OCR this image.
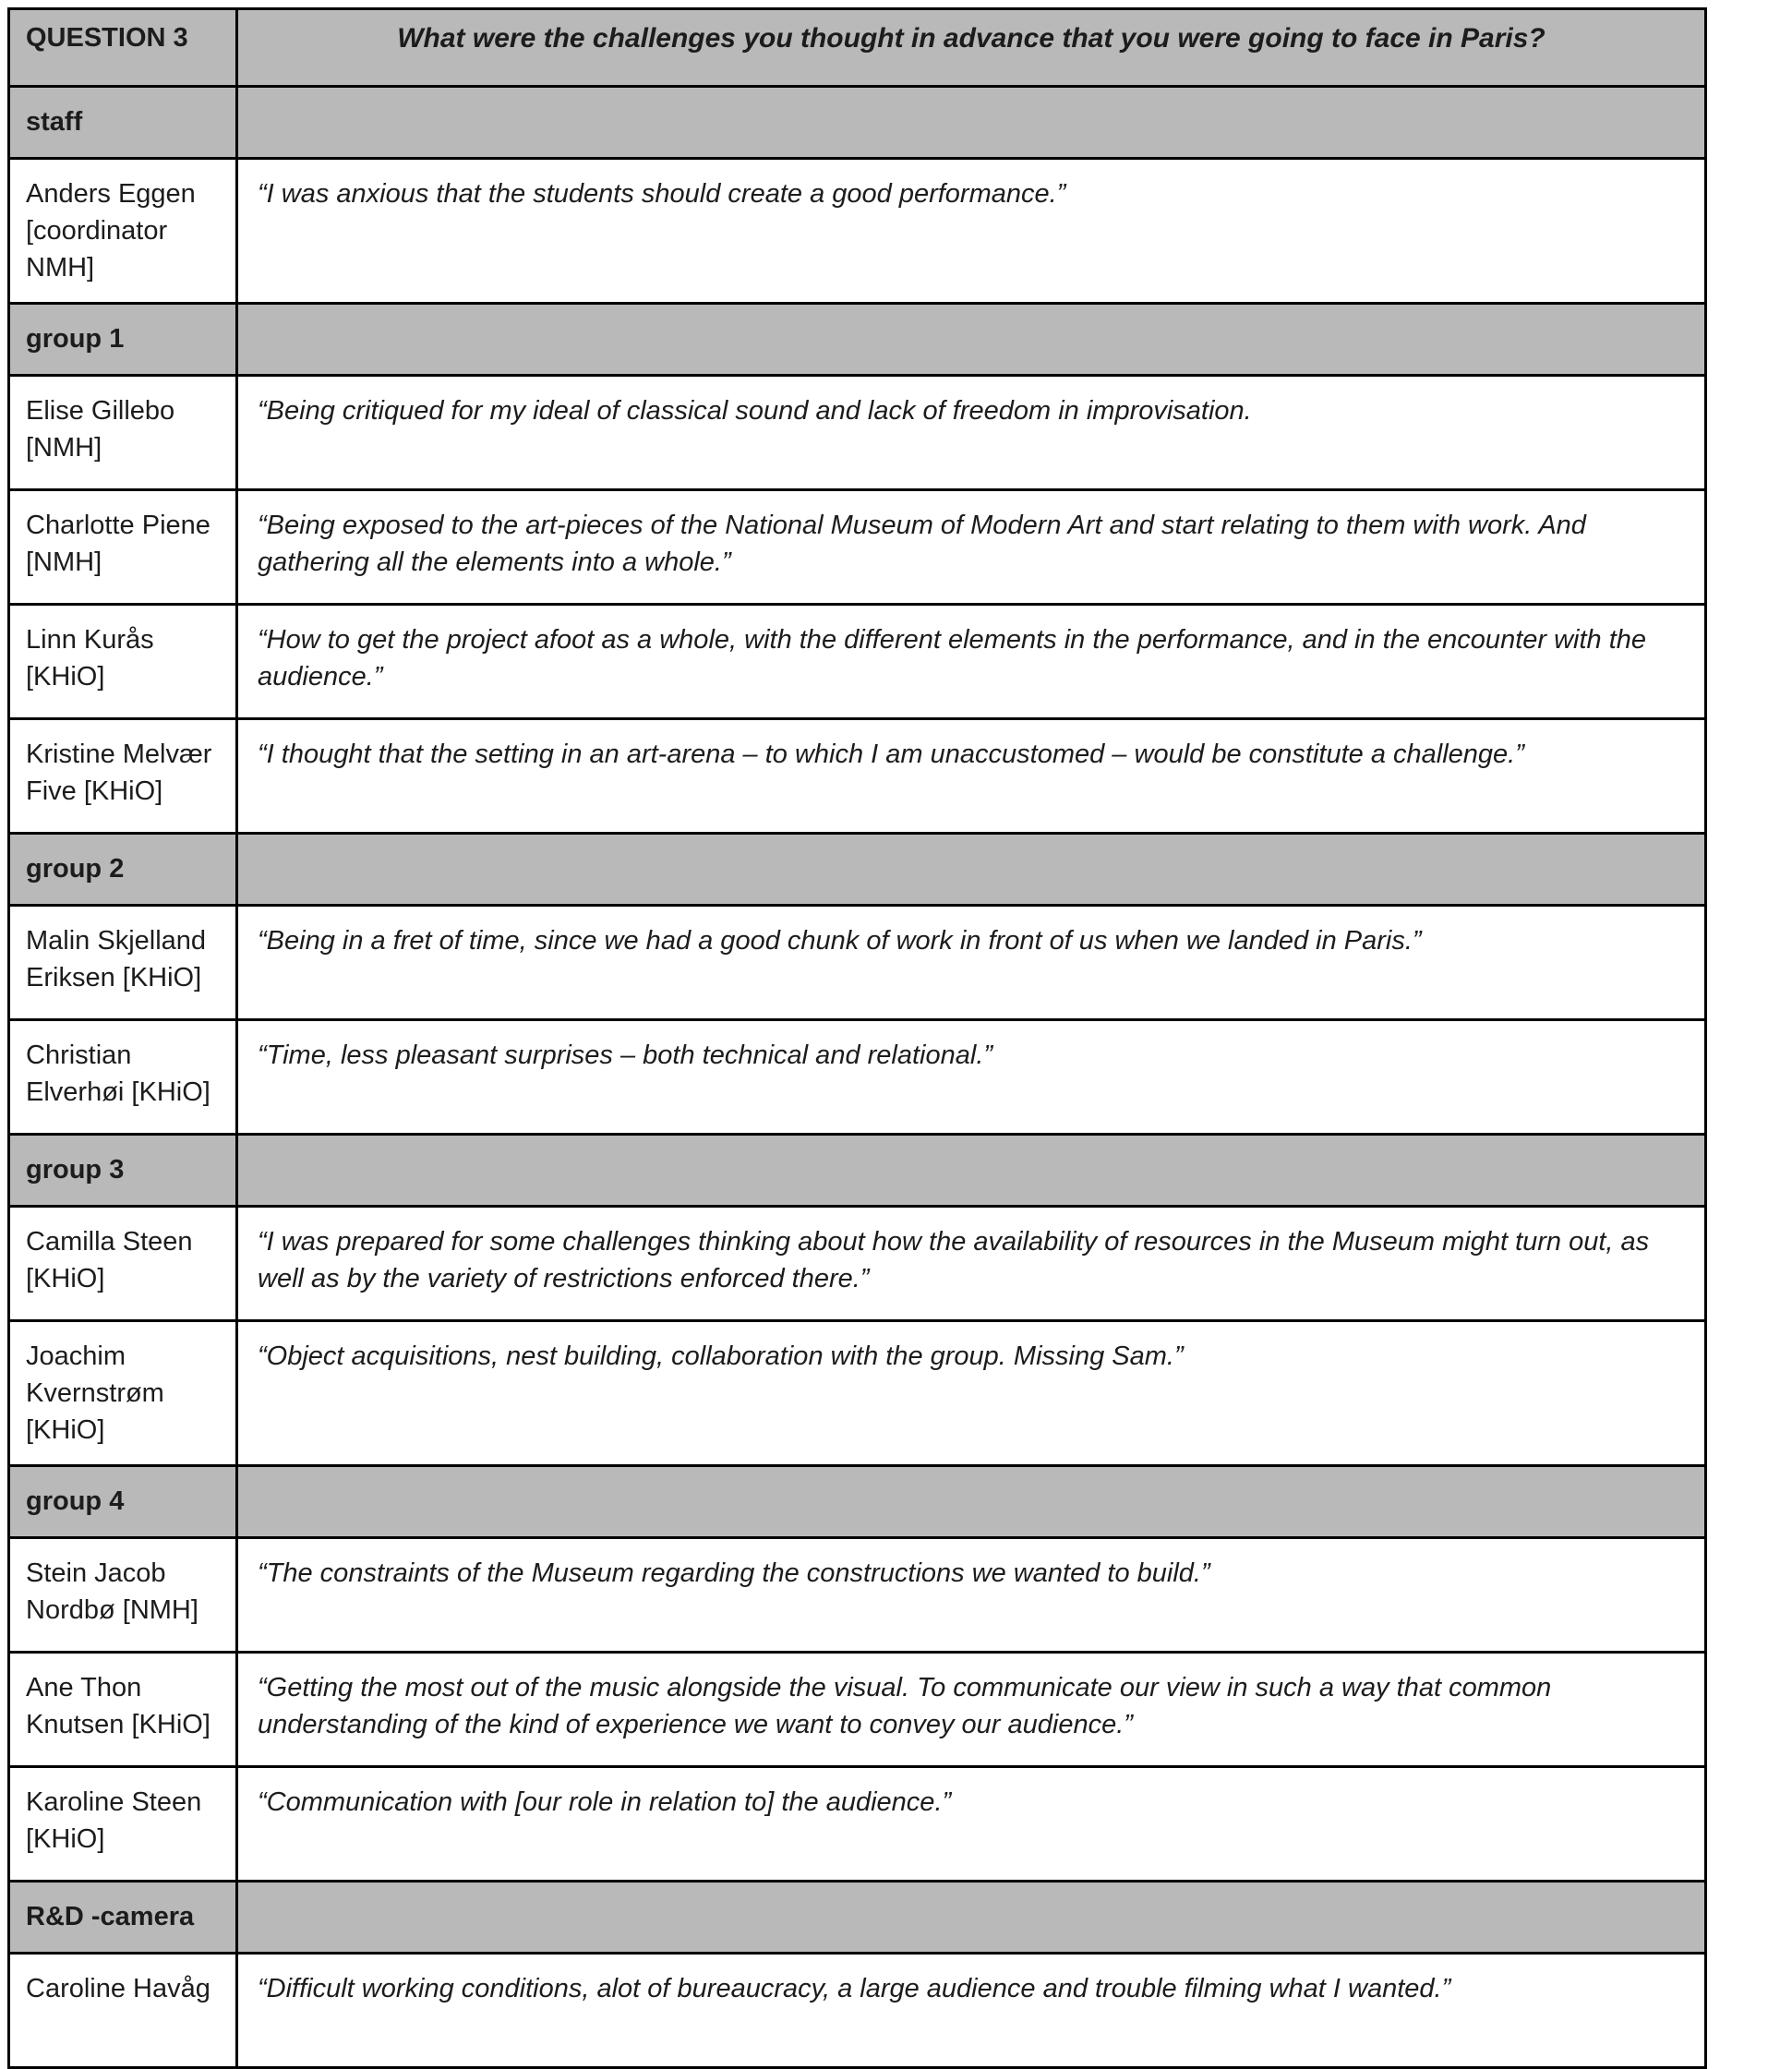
QUESTION 3	What were the challenges you thought in advance that you were going to face in Paris?
staff	
Anders Eggen [coordinator NMH]	“I was anxious that the students should create a good performance.”
group 1	
Elise Gillebo [NMH]	“Being critiqued for my ideal of classical sound and lack of freedom in improvisation.
Charlotte Piene [NMH]	“Being exposed to the art-pieces of the National Museum of Modern Art and start relating to them with work. And gathering all the elements into a whole.”
Linn Kurås [KHiO]	“How to get the project afoot as a whole, with the different elements in the performance, and in the encounter with the audience.”
Kristine Melvær Five [KHiO]	“I thought that the setting in an art-arena – to which I am unaccustomed – would be constitute a challenge.”
group 2	
Malin Skjelland Eriksen [KHiO]	“Being in a fret of time, since we had a good chunk of work in front of us when we landed in Paris.”
Christian Elverhøi [KHiO]	“Time, less pleasant surprises – both technical and relational.”
group 3	
Camilla Steen [KHiO]	“I was prepared for some challenges thinking about how the availability of resources in the Museum might turn out, as well as by the variety of restrictions enforced there.”
Joachim Kvernstrøm [KHiO]	“Object acquisitions, nest building, collaboration with the group. Missing Sam.”
group 4	
Stein Jacob Nordbø [NMH]	“The constraints of the Museum regarding the constructions we wanted to build.”
Ane Thon Knutsen [KHiO]	“Getting the most out of the music alongside the visual. To communicate our view in such a way that common understanding of the kind of experience we want to convey our audience.”
Karoline Steen [KHiO]	“Communication with [our role in relation to] the audience.”
R&D -camera	
Caroline Havåg	“Difficult working conditions, alot of bureaucracy, a large audience and trouble filming what I wanted.”
